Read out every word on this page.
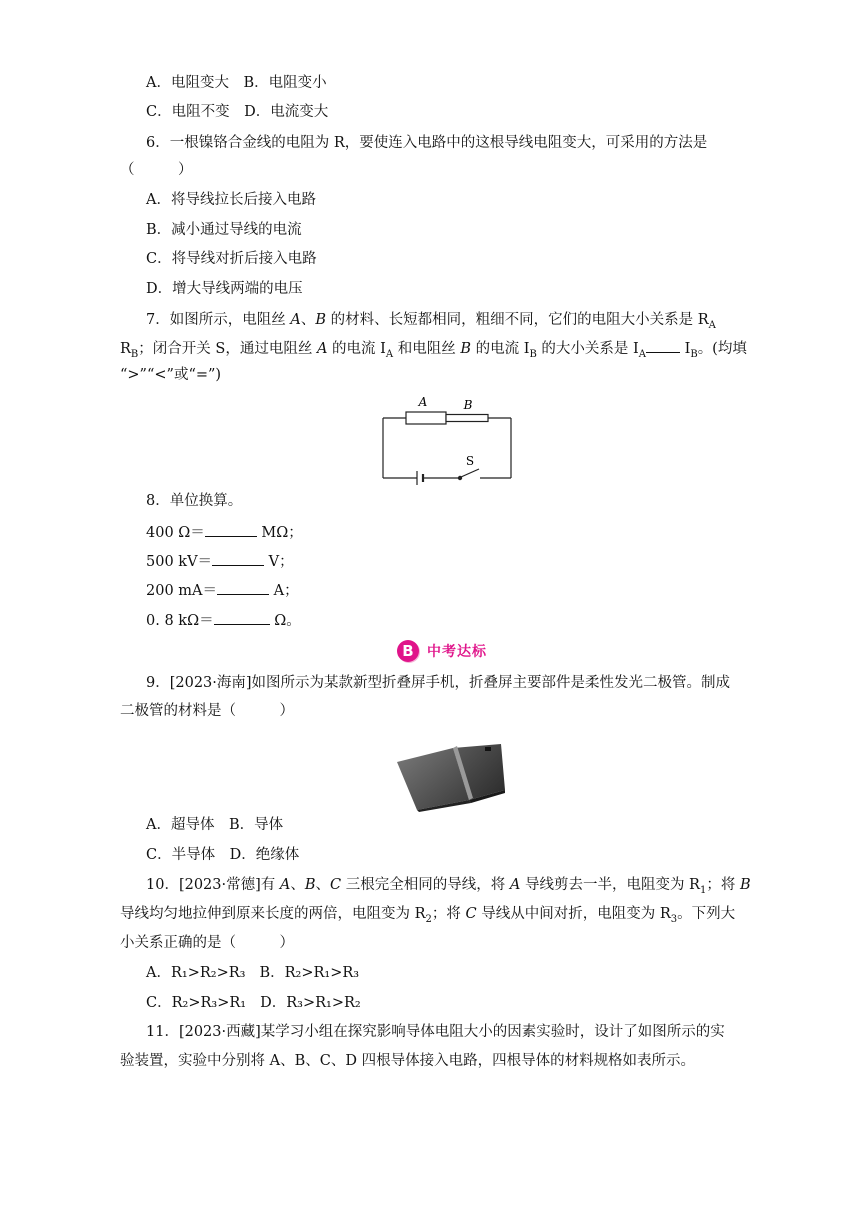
A．电阻变大　B．电阻变小
C．电阻不变　D．电流变大
6．一根镍铬合金线的电阻为 R，要使连入电路中的这根导线电阻变大，可采用的方法是
（　　　）
A．将导线拉长后接入电路
B．减小通过导线的电流
C．将导线对折后接入电路
D．增大导线两端的电压
7．如图所示，电阻丝 A、B 的材料、长短都相同，粗细不同，它们的电阻大小关系是 $R_A$
$R_B$；闭合开关 S，通过电阻丝 A 的电流 $I_A$ 和电阻丝 B 的电流 $I_B$ 的大小关系是 $I_A$ $I_B$。(均填
“>”“<”或“=”)
A	B
S
8．单位换算。
400 Ω＝	MΩ；
500 kV＝	V；
200 mA＝	A；
0. 8 kΩ＝	Ω。
B 中考达标
9．[2023·海南]如图所示为某款新型折叠屏手机，折叠屏主要部件是柔性发光二极管。制成
二极管的材料是（　　　）
A．超导体　B．导体
C．半导体　D．绝缘体
10．[2023·常德]有 A、B、C 三根完全相同的导线，将 A 导线剪去一半，电阻变为 $R_1$；将 B
导线均匀地拉伸到原来长度的两倍，电阻变为 $R_2$；将 C 导线从中间对折，电阻变为 $R_3$。下列大
小关系正确的是（　　　）
A．R₁>R₂>R₃ B．R₂>R₁>R₃
C．R₂>R₃>R₁ D．R₃>R₁>R₂
11．[2023·西藏]某学习小组在探究影响导体电阻大小的因素实验时，设计了如图所示的实
验装置，实验中分别将 A、B、C、D 四根导体接入电路，四根导体的材料规格如表所示。
